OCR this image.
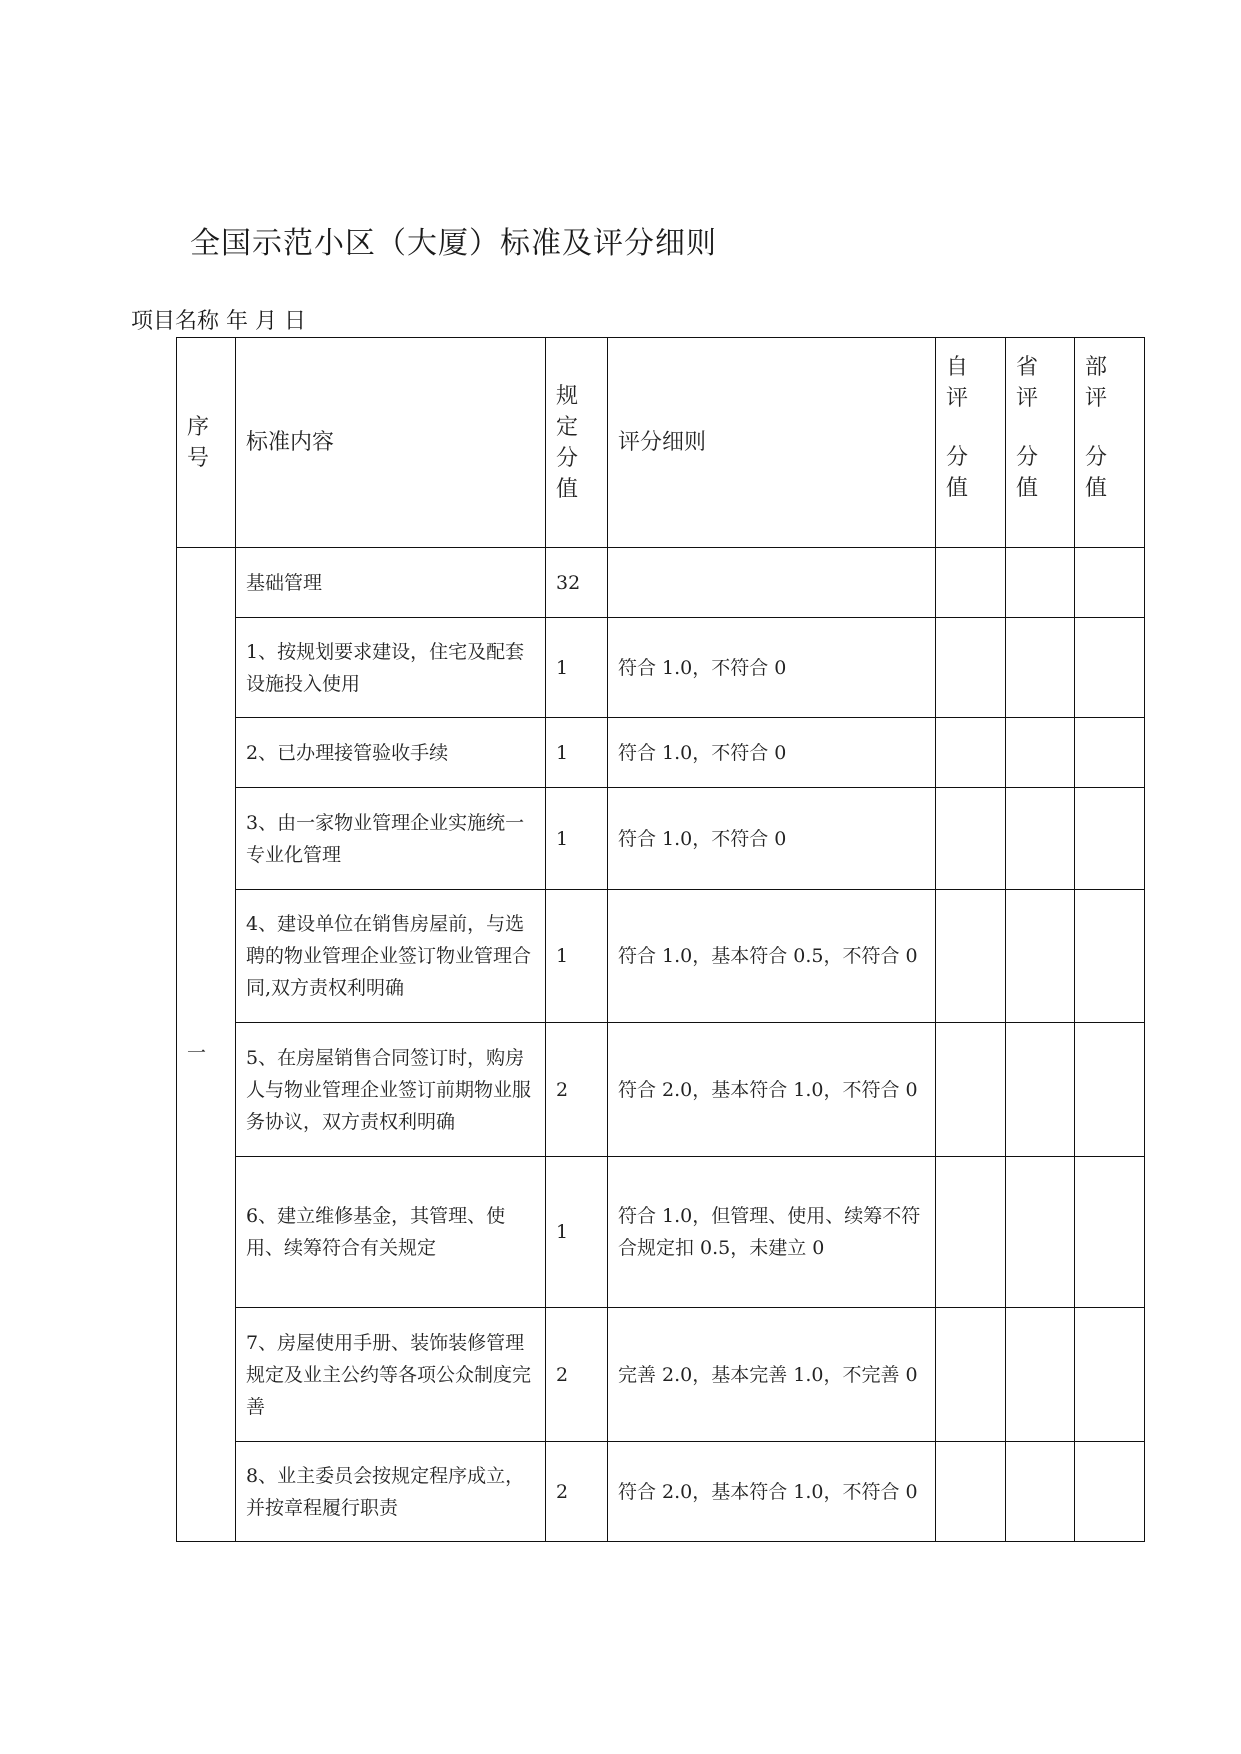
全国示范小区（大厦）标准及评分细则
项目名称 年 月 日
序
号	标准内容	规
定
分
值	评分细则	自
评
分
值	省
评
分
值	部
评
分
值

一	基础管理	32				
	1、按规划要求建设，住宅及配套设施投入使用	1	符合 1.0，不符合 0			
	2、已办理接管验收手续	1	符合 1.0，不符合 0			
	3、由一家物业管理企业实施统一专业化管理	1	符合 1.0，不符合 0			
	4、建设单位在销售房屋前，与选聘的物业管理企业签订物业管理合同,双方责权利明确	1	符合 1.0，基本符合 0.5，不符合 0			
	5、在房屋销售合同签订时，购房人与物业管理企业签订前期物业服务协议，双方责权利明确	2	符合 2.0，基本符合 1.0，不符合 0			
	6、建立维修基金，其管理、使用、续筹符合有关规定	1	符合 1.0，但管理、使用、续筹不符合规定扣 0.5，未建立 0			
	7、房屋使用手册、装饰装修管理规定及业主公约等各项公众制度完善	2	完善 2.0，基本完善 1.0，不完善 0			
	8、业主委员会按规定程序成立，并按章程履行职责	2	符合 2.0，基本符合 1.0，不符合 0			
